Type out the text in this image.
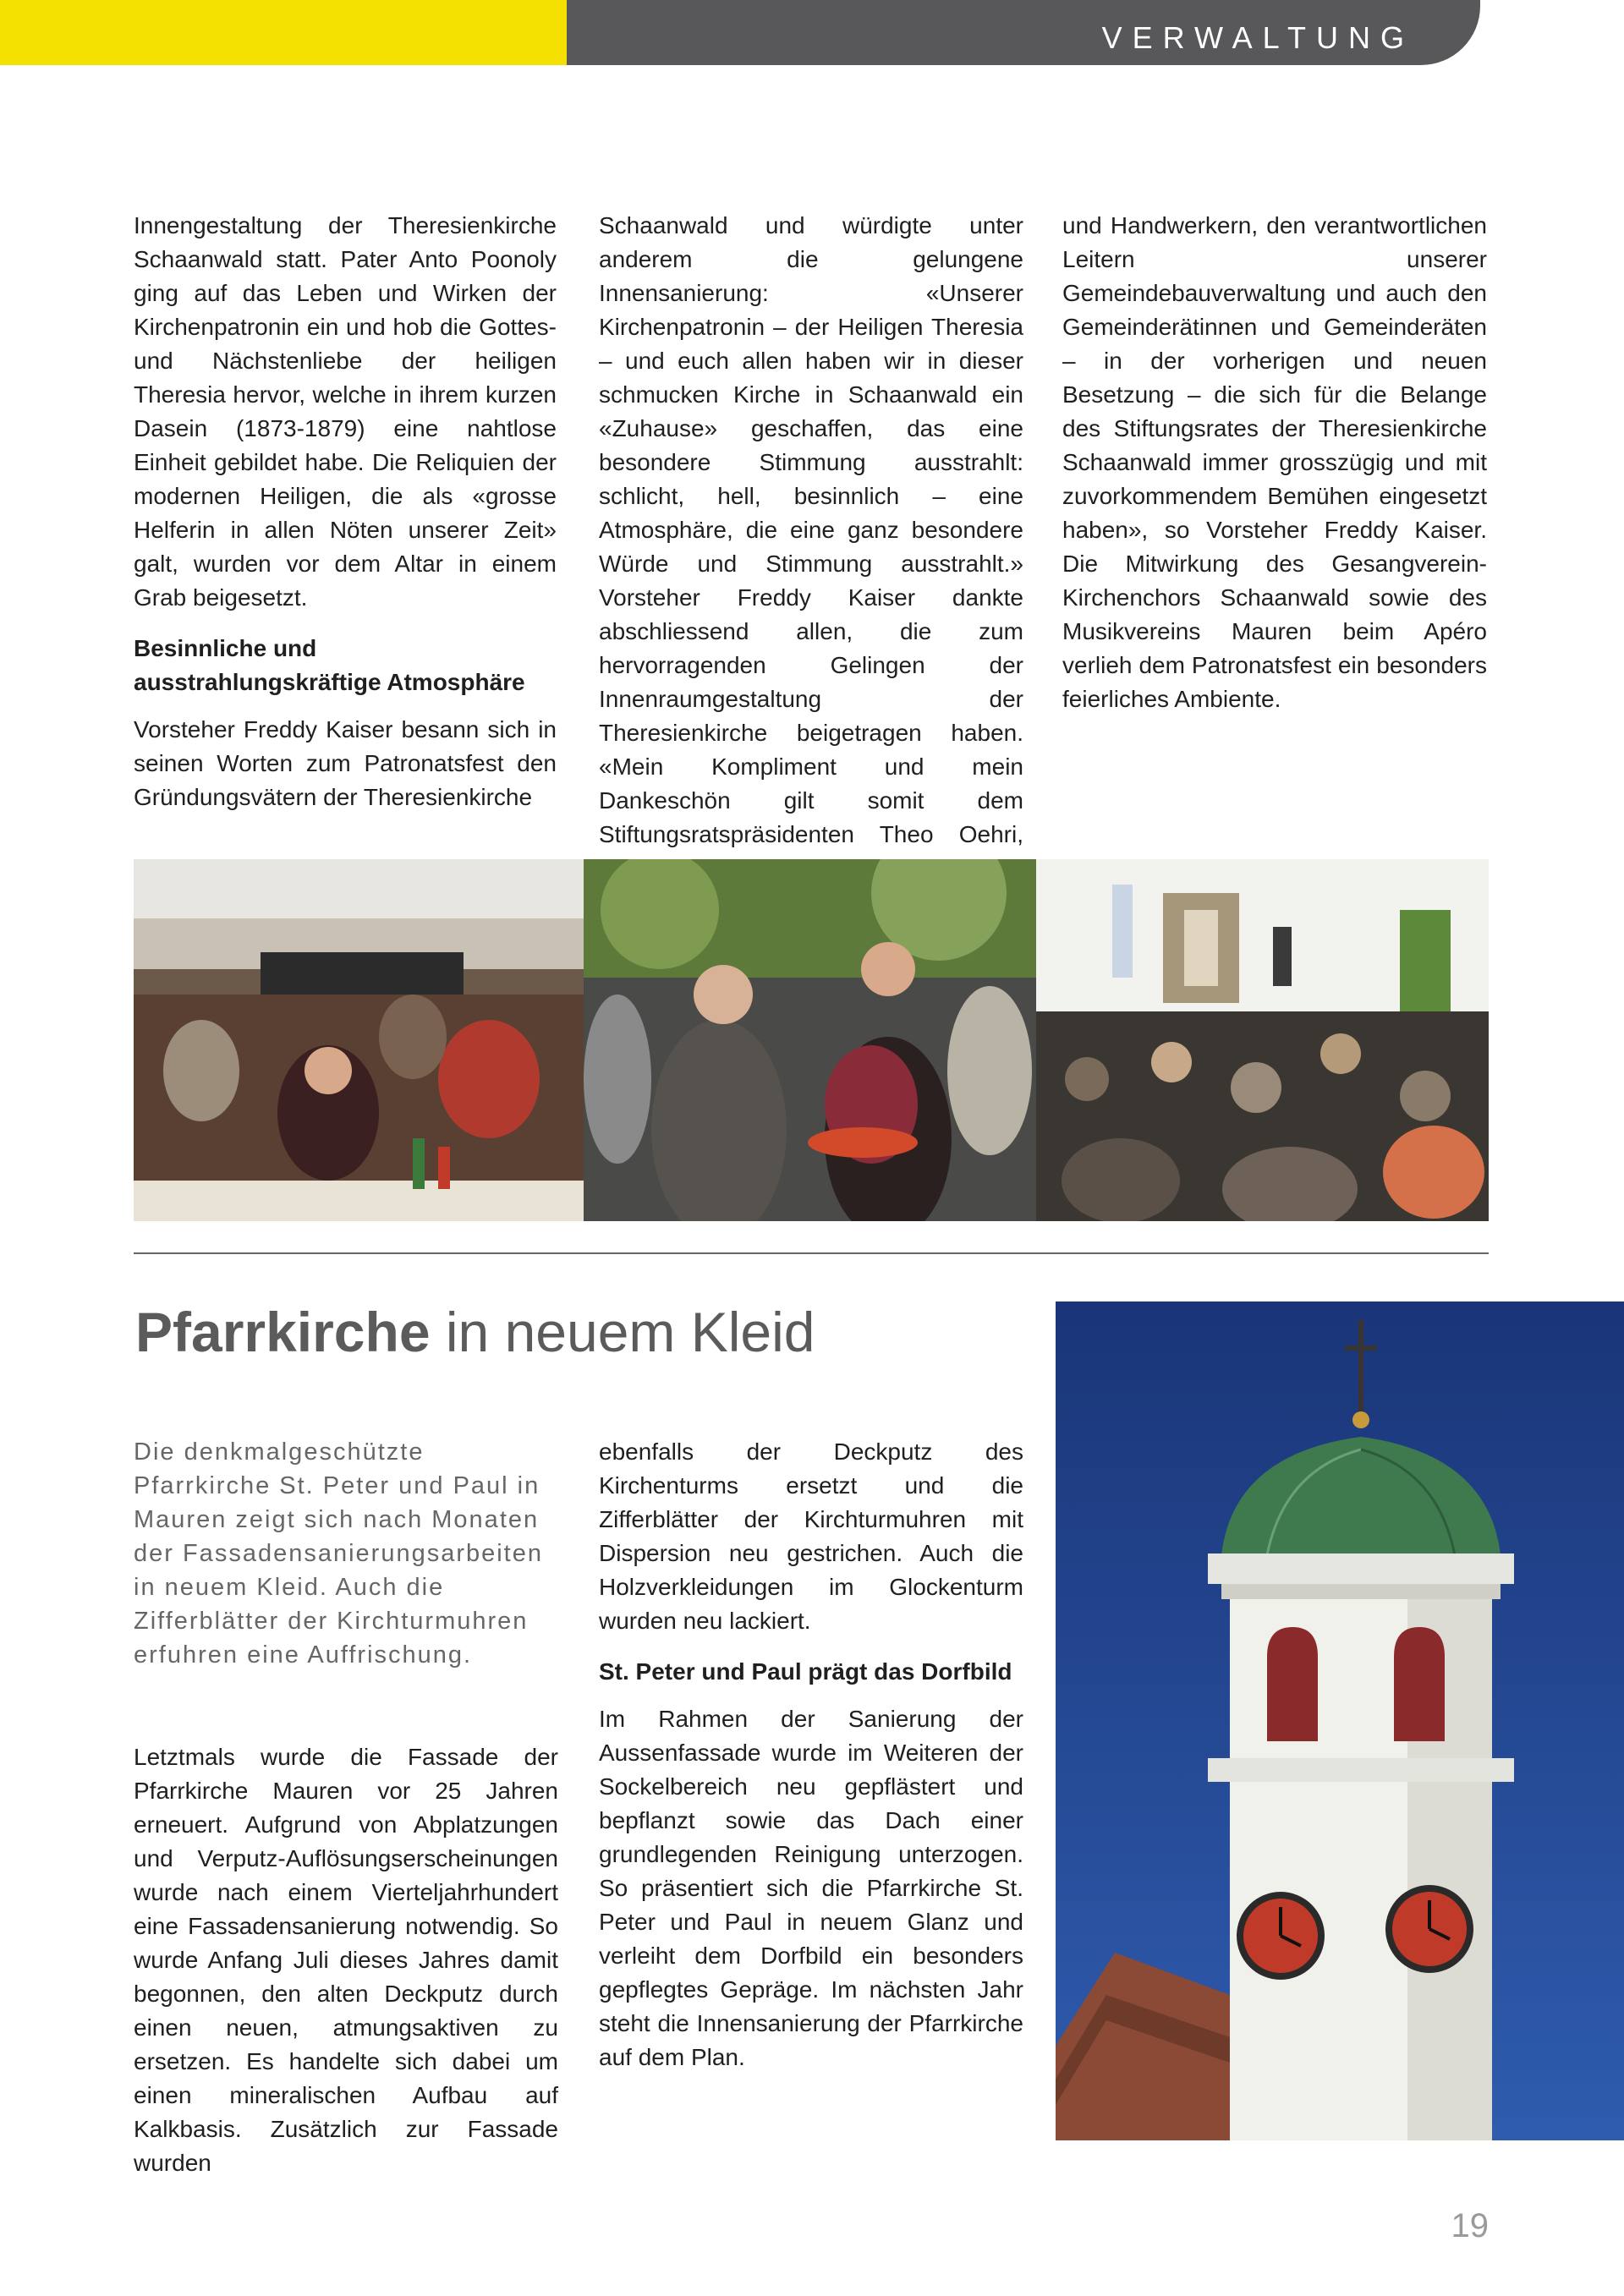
VERWALTUNG

Innengestaltung der Theresienkirche Schaanwald statt. Pater Anto Poonoly ging auf das Leben und Wirken der Kirchenpatronin ein und hob die Gottes- und Nächstenliebe der heiligen Theresia hervor, welche in ihrem kurzen Dasein (1873-1879) eine nahtlose Einheit gebildet habe. Die Reliquien der modernen Heiligen, die als «grosse Helferin in allen Nöten unserer Zeit» galt, wurden vor dem Altar in einem Grab beigesetzt.

Besinnliche und ausstrahlungskräftige Atmosphäre

Vorsteher Freddy Kaiser besann sich in seinen Worten zum Patronatsfest den Gründungsvätern der Theresienkirche

Schaanwald und würdigte unter anderem die gelungene Innensanierung: «Unserer Kirchenpatronin – der Heiligen Theresia – und euch allen haben wir in dieser schmucken Kirche in Schaanwald ein «Zuhause» geschaffen, das eine besondere Stimmung ausstrahlt: schlicht, hell, besinnlich – eine Atmosphäre, die eine ganz besondere Würde und Stimmung ausstrahlt.» Vorsteher Freddy Kaiser dankte abschliessend allen, die zum hervorragenden Gelingen der Innenraumgestaltung der Theresienkirche beigetragen haben. «Mein Kompliment und mein Dankeschön gilt somit dem Stiftungsratspräsidenten Theo Oehri,

und Handwerkern, den verantwortlichen Leitern unserer Gemeindebauverwaltung und auch den Gemeinderätinnen und Gemeinderäten – in der vorherigen und neuen Besetzung – die sich für die Belange des Stiftungsrates der Theresienkirche Schaanwald immer grosszügig und mit zuvorkommendem Bemühen eingesetzt haben», so Vorsteher Freddy Kaiser. Die Mitwirkung des Gesangverein-Kirchenchors Schaanwald sowie des Musikvereins Mauren beim Apéro verlieh dem Patronatsfest ein besonders feierliches Ambiente.

Pfarrkirche in neuem Kleid
Die denkmalgeschützte Pfarrkirche St. Peter und Paul in Mauren zeigt sich nach Monaten der Fassadensanierungsarbeiten in neuem Kleid. Auch die Zifferblätter der Kirchturmuhren erfuhren eine Auffrischung.

Letztmals wurde die Fassade der Pfarrkirche Mauren vor 25 Jahren erneuert. Aufgrund von Abplatzungen und Verputz-Auflösungserscheinungen wurde nach einem Vierteljahrhundert eine Fassadensanierung notwendig. So wurde Anfang Juli dieses Jahres damit begonnen, den alten Deckputz durch einen neuen, atmungsaktiven zu ersetzen. Es handelte sich dabei um einen mineralischen Aufbau auf Kalkbasis. Zusätzlich zur Fassade wurden

ebenfalls der Deckputz des Kirchenturms ersetzt und die Zifferblätter der Kirchturmuhren mit Dispersion neu gestrichen. Auch die Holzverkleidungen im Glockenturm wurden neu lackiert.

St. Peter und Paul prägt das Dorfbild

Im Rahmen der Sanierung der Aussenfassade wurde im Weiteren der Sockelbereich neu gepflästert und bepflanzt sowie das Dach einer grundlegenden Reinigung unterzogen. So präsentiert sich die Pfarrkirche St. Peter und Paul in neuem Glanz und verleiht dem Dorfbild ein besonders gepflegtes Gepräge. Im nächsten Jahr steht die Innensanierung der Pfarrkirche auf dem Plan.

19
